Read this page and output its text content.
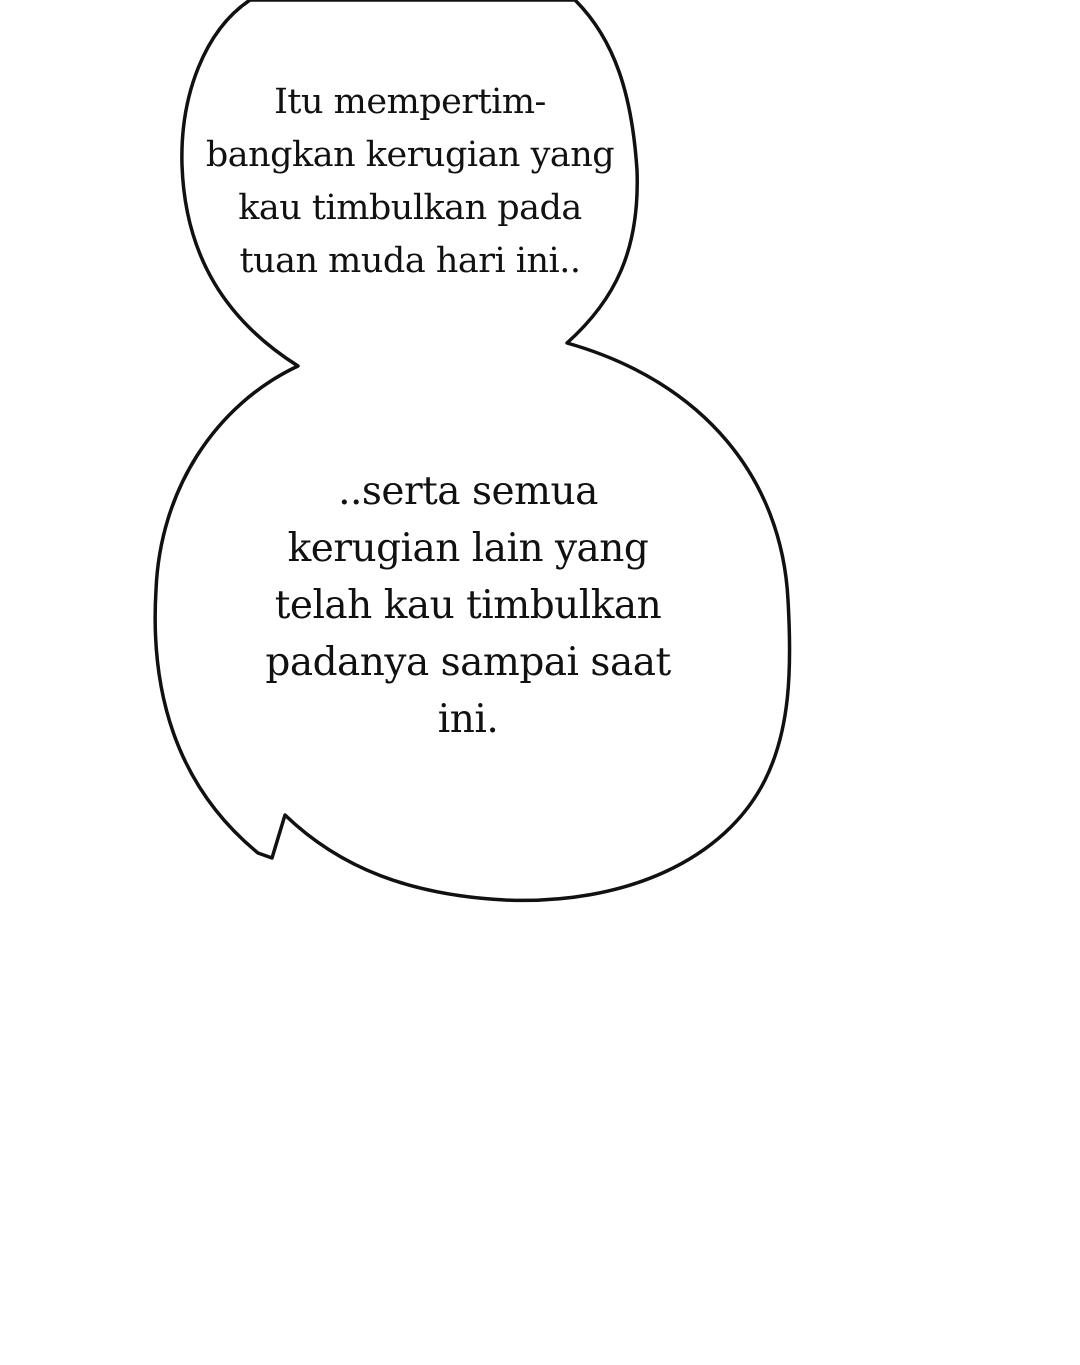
Itu mempertim-
bangkan kerugian yang
kau timbulkan pada
tuan muda hari ini..
..serta semua
kerugian lain yang
telah kau timbulkan
padanya sampai saat
ini.
